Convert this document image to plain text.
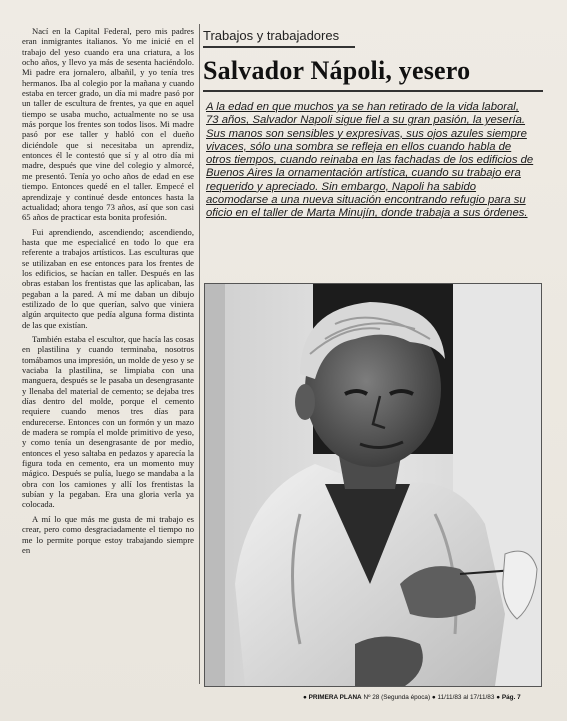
Nací en la Capital Federal, pero mis padres eran inmigrantes italianos. Yo me inicié en el trabajo del yeso cuando era una criatura, a los ocho años, y llevo ya más de sesenta haciéndolo. Mi padre era jornalero, albañil, y yo tenía tres hermanos. Iba al colegio por la mañana y cuando estaba en tercer grado, un día mi madre pasó por un taller de escultura de frentes, ya que en aquel tiempo se usaba mucho, actualmente no se usa más porque los frentes son todos lisos. Mi madre pasó por ese taller y habló con el dueño diciéndole que si necesitaba un aprendiz, entonces él le contestó que sí y al otro día mi madre, después que vine del colegio y almorcé, me presentó. Tenía yo ocho años de edad en ese tiempo. Entonces quedé en el taller. Empecé el aprendizaje y continué desde entonces hasta la actualidad; ahora tengo 73 años, así que son casi 65 años de practicar esta bonita profesión.

Fui aprendiendo, ascendiendo; ascendiendo, hasta que me especialicé en todo lo que era referente a trabajos artísticos. Las esculturas que se utilizaban en ese entonces para los frentes de los edificios, se hacían en taller. Después en las obras estaban los frentistas que las aplicaban, las pegaban a la pared. A mí me daban un dibujo estilizado de lo que querían, salvo que viniera algún arquitecto que pedía alguna forma distinta de las que existían.

También estaba el escultor, que hacía las cosas en plastilina y cuando terminaba, nosotros tomábamos una impresión, un molde de yeso y se vaciaba la plastilina, se limpiaba con una manguera, después se le pasaba un desengrasante y llenaba del material de cemento; se dejaba tres días dentro del molde, porque el cemento requiere cuando menos tres días para endurecerse. Entonces con un formón y un mazo de madera se rompía el molde primitivo de yeso, y como tenía un desengrasante de por medio, entonces el yeso saltaba en pedazos y aparecía la figura toda en cemento, era un momento muy mágico. Después se pulía, luego se mandaba a la obra con los camiones y allí los frentistas la subían y la pegaban. Era una gloria verla ya colocada.

A mí lo que más me gusta de mi trabajo es crear, pero como desgraciadamente el tiempo no me lo permite porque estoy trabajando siempre en

Trabajos y trabajadores
Salvador Nápoli, yesero
A la edad en que muchos ya se han retirado de la vida laboral, 73 años, Salvador Napoli sigue fiel a su gran pasión, la yesería. Sus manos son sensibles y expresivas, sus ojos azules siempre vivaces, sólo una sombra se refleja en ellos cuando habla de otros tiempos, cuando reinaba en las fachadas de los edificios de Buenos Aires la ornamentación artística, cuando su trabajo era requerido y apreciado. Sin embargo, Napoli ha sabido acomodarse a una nueva situación encontrando refugio para su oficio en el taller de Marta Minujín, donde trabaja a sus órdenes.
● PRIMERA PLANA Nº 28 (Segunda época) ● 11/11/83 al 17/11/83 ● Pág. 7
